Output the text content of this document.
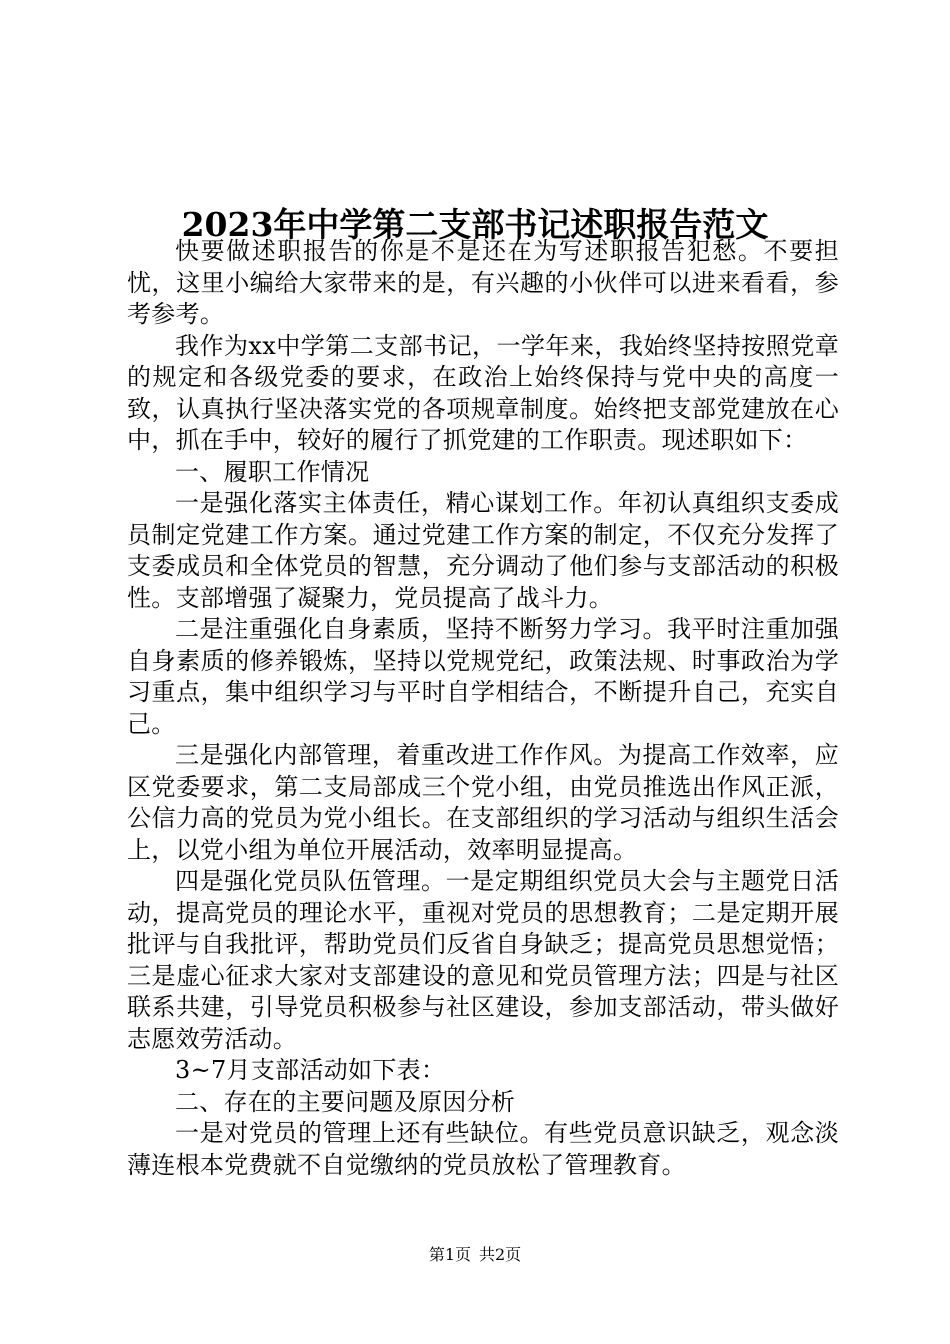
2023年中学第二支部书记述职报告范文

快要做述职报告的你是不是还在为写述职报告犯愁。不要担忧，这里小编给大家带来的是，有兴趣的小伙伴可以进来看看，参考参考。

我作为xx中学第二支部书记，一学年来，我始终坚持按照党章的规定和各级党委的要求，在政治上始终保持与党中央的高度一致，认真执行坚决落实党的各项规章制度。始终把支部党建放在心中，抓在手中，较好的履行了抓党建的工作职责。现述职如下：

一、履职工作情况

一是强化落实主体责任，精心谋划工作。年初认真组织支委成员制定党建工作方案。通过党建工作方案的制定，不仅充分发挥了支委成员和全体党员的智慧，充分调动了他们参与支部活动的积极性。支部增强了凝聚力，党员提高了战斗力。

二是注重强化自身素质，坚持不断努力学习。我平时注重加强自身素质的修养锻炼，坚持以党规党纪，政策法规、时事政治为学习重点，集中组织学习与平时自学相结合，不断提升自己，充实自己。

三是强化内部管理，着重改进工作作风。为提高工作效率，应区党委要求，第二支局部成三个党小组，由党员推选出作风正派，公信力高的党员为党小组长。在支部组织的学习活动与组织生活会上，以党小组为单位开展活动，效率明显提高。

四是强化党员队伍管理。一是定期组织党员大会与主题党日活动，提高党员的理论水平，重视对党员的思想教育；二是定期开展批评与自我批评，帮助党员们反省自身缺乏；提高党员思想觉悟；三是虚心征求大家对支部建设的意见和党员管理方法；四是与社区联系共建，引导党员积极参与社区建设，参加支部活动，带头做好志愿效劳活动。

3~7月支部活动如下表：

二、存在的主要问题及原因分析

一是对党员的管理上还有些缺位。有些党员意识缺乏，观念淡薄连根本党费就不自觉缴纳的党员放松了管理教育。

第1页 共2页
